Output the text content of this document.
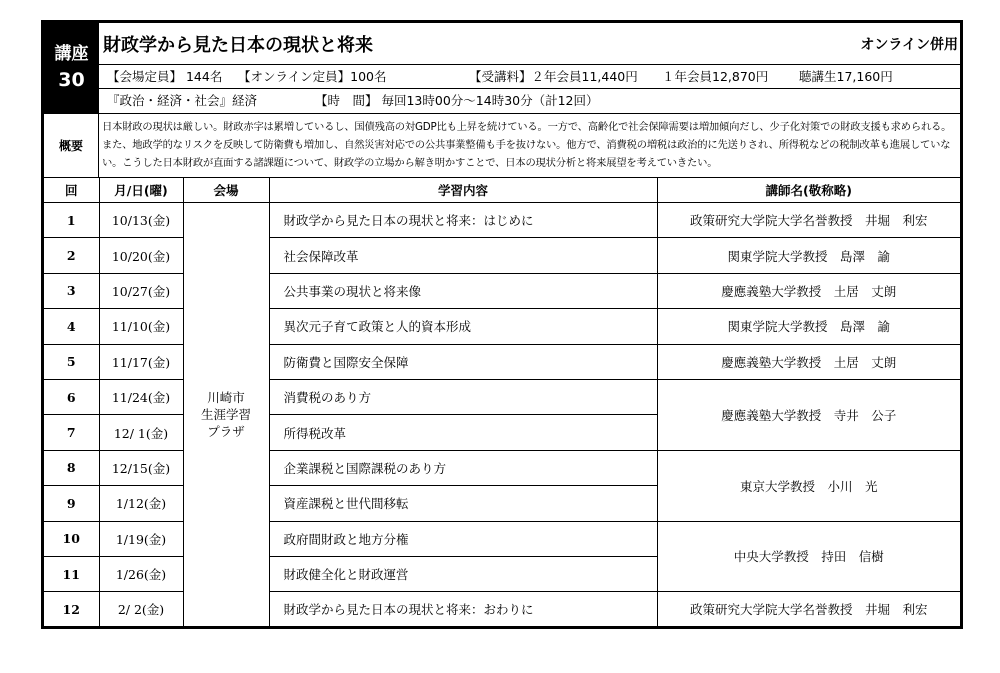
講座
30
財政学から見た日本の現状と将来	オンライン併用
【会場定員】 144名 【オンライン定員】100名	【受講料】２年会員11,440円 １年会員12,870円 聴講生17,160円
『政治・経済・社会』経済	【時　間】 毎回13時00分～14時30分（計12回）
概要
日本財政の現状は厳しい。財政赤字は累増しているし、国債残高の対GDP比も上昇を続けている。一方で、高齢化で社会保障需要は増加傾向だし、少子化対策での財政支援も求められる。また、地政学的なリスクを反映して防衛費も増加し、自然災害対応での公共事業整備も手を抜けない。他方で、消費税の増税は政治的に先送りされ、所得税などの税制改革も進展していない。こうした日本財政が直面する諸課題について、財政学の立場から解き明かすことで、日本の現状分析と将来展望を考えていきたい。
回	月/日(曜)	会場	学習内容	講師名(敬称略)
1	10/13(金)	川崎市
生涯学習
プラザ	財政学から見た日本の現状と将来：はじめに	政策研究大学院大学名誉教授　井堀　利宏
2	10/20(金)		社会保障改革	関東学院大学教授　島澤　諭
3	10/27(金)		公共事業の現状と将来像	慶應義塾大学教授　土居　丈朗
4	11/10(金)		異次元子育て政策と人的資本形成	関東学院大学教授　島澤　諭
5	11/17(金)		防衛費と国際安全保障	慶應義塾大学教授　土居　丈朗
6	11/24(金)		消費税のあり方	慶應義塾大学教授　寺井　公子
7	12/ 1(金)		所得税改革	
8	12/15(金)		企業課税と国際課税のあり方	東京大学教授　小川　光
9	1/12(金)		資産課税と世代間移転	
10	1/19(金)		政府間財政と地方分権	中央大学教授　持田　信樹
11	1/26(金)		財政健全化と財政運営	
12	2/ 2(金)		財政学から見た日本の現状と将来：おわりに	政策研究大学院大学名誉教授　井堀　利宏
